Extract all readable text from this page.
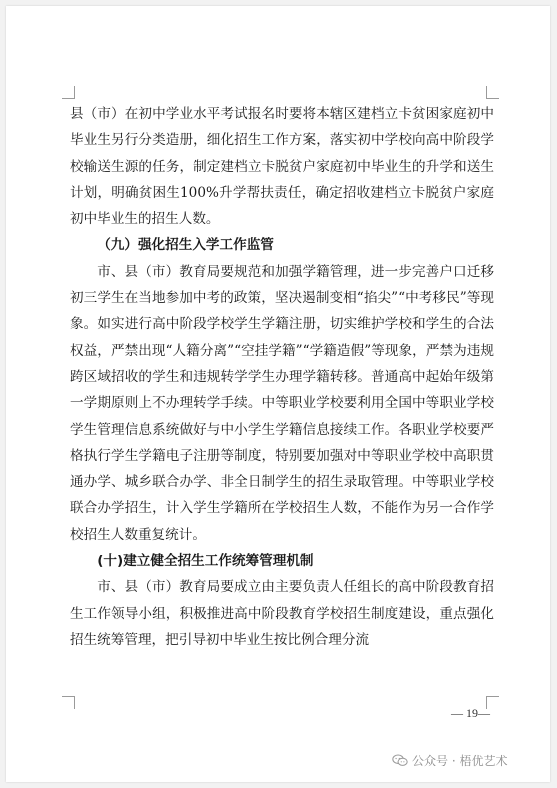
县（市）在初中学业水平考试报名时要将本辖区建档立卡贫困家庭初中毕业生另行分类造册，细化招生工作方案，落实初中学校向高中阶段学校输送生源的任务，制定建档立卡脱贫户家庭初中毕业生的升学和送生计划，明确贫困生100%升学帮扶责任，确定招收建档立卡脱贫户家庭初中毕业生的招生人数。

（九）强化招生入学工作监管

市、县（市）教育局要规范和加强学籍管理，进一步完善户口迁移初三学生在当地参加中考的政策，坚决遏制变相“掐尖”“中考移民”等现象。如实进行高中阶段学校学生学籍注册，切实维护学校和学生的合法权益，严禁出现“人籍分离”“空挂学籍”“学籍造假”等现象，严禁为违规跨区域招收的学生和违规转学学生办理学籍转移。普通高中起始年级第一学期原则上不办理转学手续。中等职业学校要利用全国中等职业学校学生管理信息系统做好与中小学生学籍信息接续工作。各职业学校要严格执行学生学籍电子注册等制度，特别要加强对中等职业学校中高职贯通办学、城乡联合办学、非全日制学生的招生录取管理。中等职业学校联合办学招生，计入学生学籍所在学校招生人数，不能作为另一合作学校招生人数重复统计。

(十)建立健全招生工作统筹管理机制

市、县（市）教育局要成立由主要负责人任组长的高中阶段教育招生工作领导小组，积极推进高中阶段教育学校招生制度建设，重点强化招生统筹管理，把引导初中毕业生按比例合理分流

— 19—
公众号 · 梧优艺术
